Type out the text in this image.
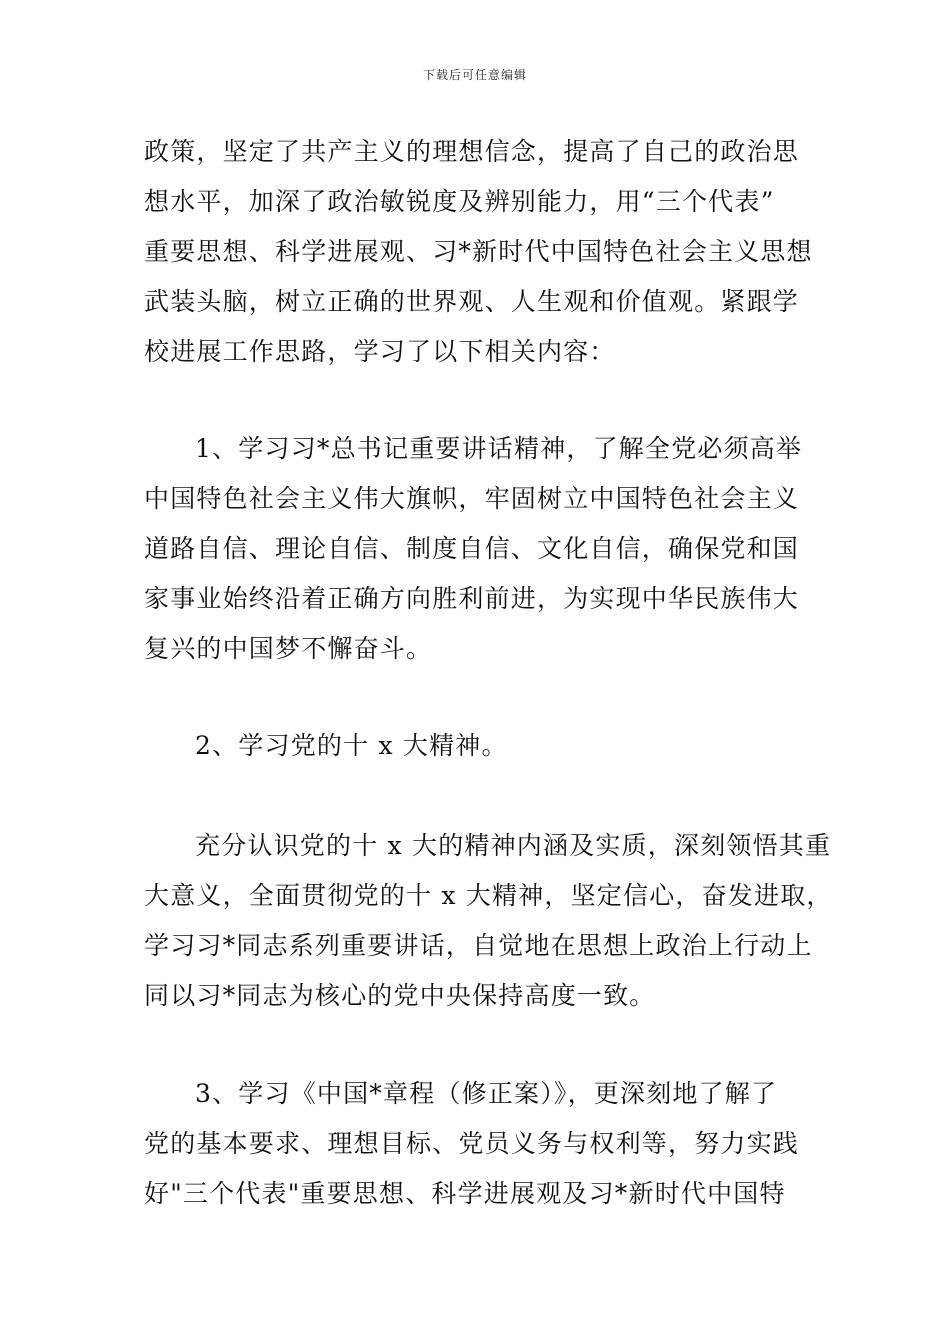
下载后可任意编辑
政策，坚定了共产主义的理想信念，提高了自己的政治思
想水平，加深了政治敏锐度及辨别能力，用“三个代表”
重要思想、科学进展观、习*新时代中国特色社会主义思想
武装头脑，树立正确的世界观、人生观和价值观。紧跟学
校进展工作思路，学习了以下相关内容：
1、学习习*总书记重要讲话精神，了解全党必须高举
中国特色社会主义伟大旗帜，牢固树立中国特色社会主义
道路自信、理论自信、制度自信、文化自信，确保党和国
家事业始终沿着正确方向胜利前进，为实现中华民族伟大
复兴的中国梦不懈奋斗。
2、学习党的十 x 大精神。
充分认识党的十 x 大的精神内涵及实质，深刻领悟其重
大意义，全面贯彻党的十 x 大精神，坚定信心，奋发进取，
学习习*同志系列重要讲话，自觉地在思想上政治上行动上
同以习*同志为核心的党中央保持高度一致。
3、学习《中国*章程（修正案）》，更深刻地了解了
党的基本要求、理想目标、党员义务与权利等，努力实践
好"三个代表"重要思想、科学进展观及习*新时代中国特
